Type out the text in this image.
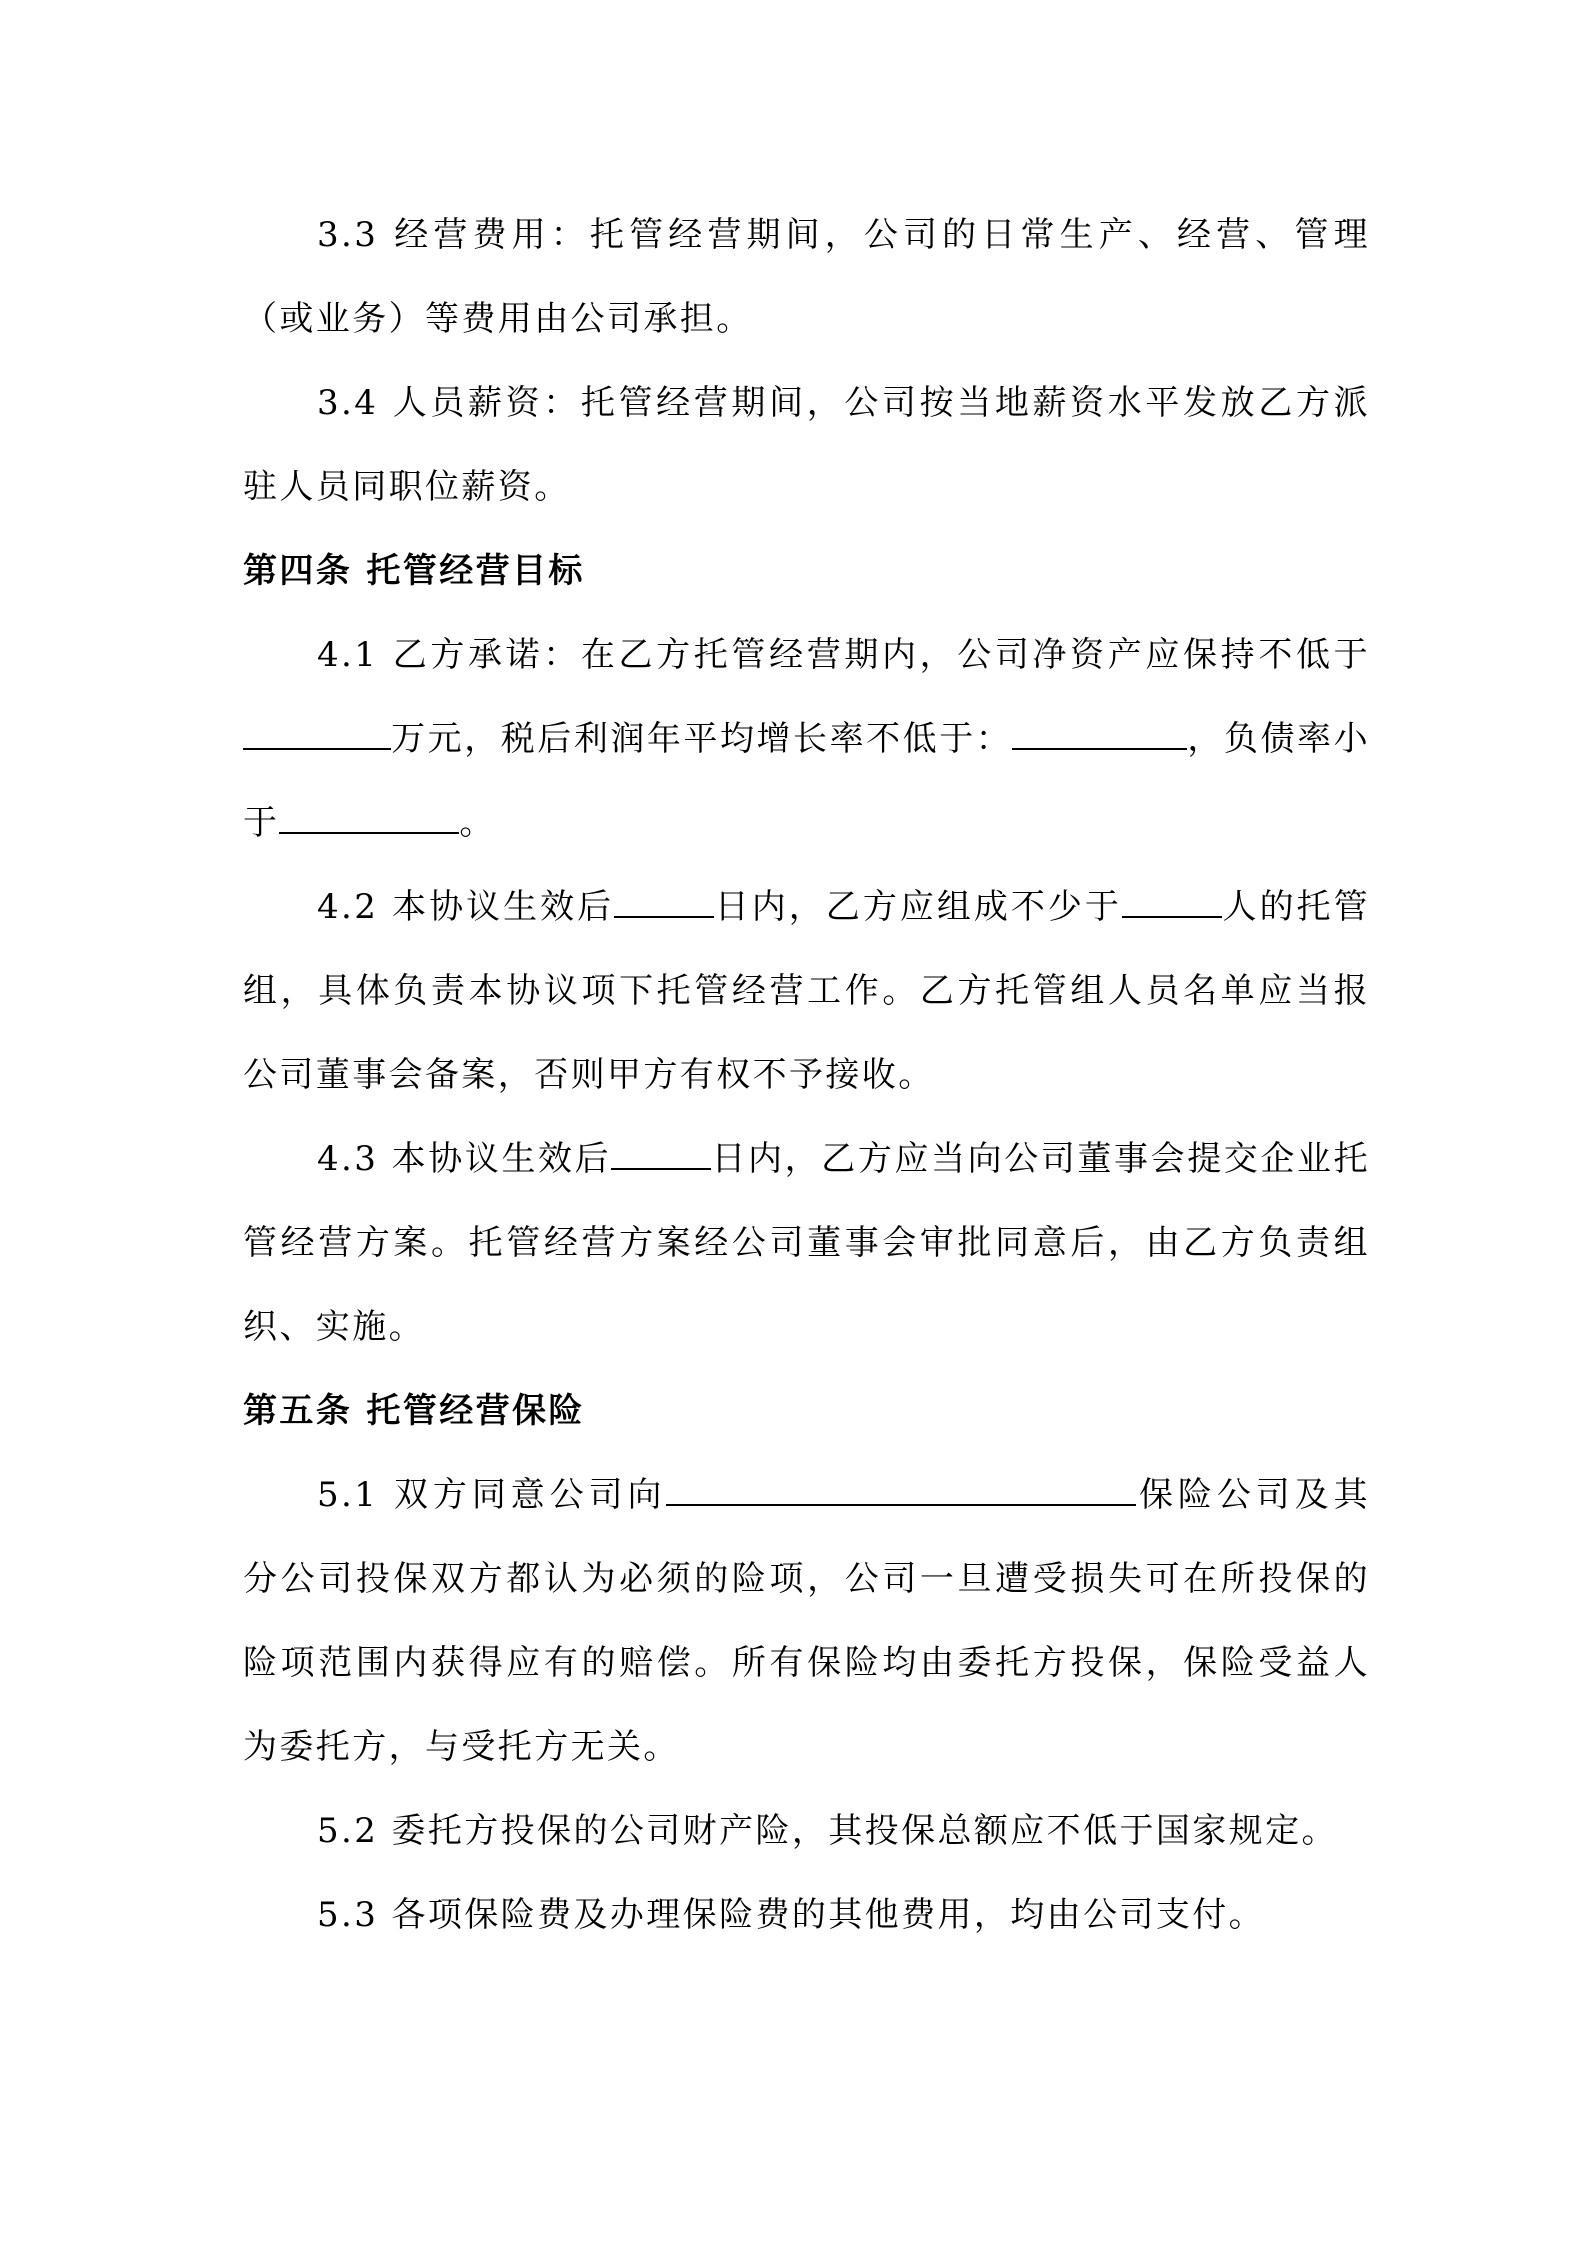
3.3 经营费用：托管经营期间，公司的日常生产、经营、管理（或业务）等费用由公司承担。

3.4 人员薪资：托管经营期间，公司按当地薪资水平发放乙方派驻人员同职位薪资。

第四条 托管经营目标

4.1 乙方承诺：在乙方托管经营期内，公司净资产应保持不低于万元，税后利润年平均增长率不低于：	，负债率小于	。

4.2 本协议生效后	日内，乙方应组成不少于	人的托管组，具体负责本协议项下托管经营工作。乙方托管组人员名单应当报公司董事会备案，否则甲方有权不予接收。

4.3 本协议生效后	日内，乙方应当向公司董事会提交企业托管经营方案。托管经营方案经公司董事会审批同意后，由乙方负责组织、实施。

第五条 托管经营保险

5.1 双方同意公司向	保险公司及其分公司投保双方都认为必须的险项，公司一旦遭受损失可在所投保的险项范围内获得应有的赔偿。所有保险均由委托方投保，保险受益人为委托方，与受托方无关。

5.2 委托方投保的公司财产险，其投保总额应不低于国家规定。

5.3 各项保险费及办理保险费的其他费用，均由公司支付。
